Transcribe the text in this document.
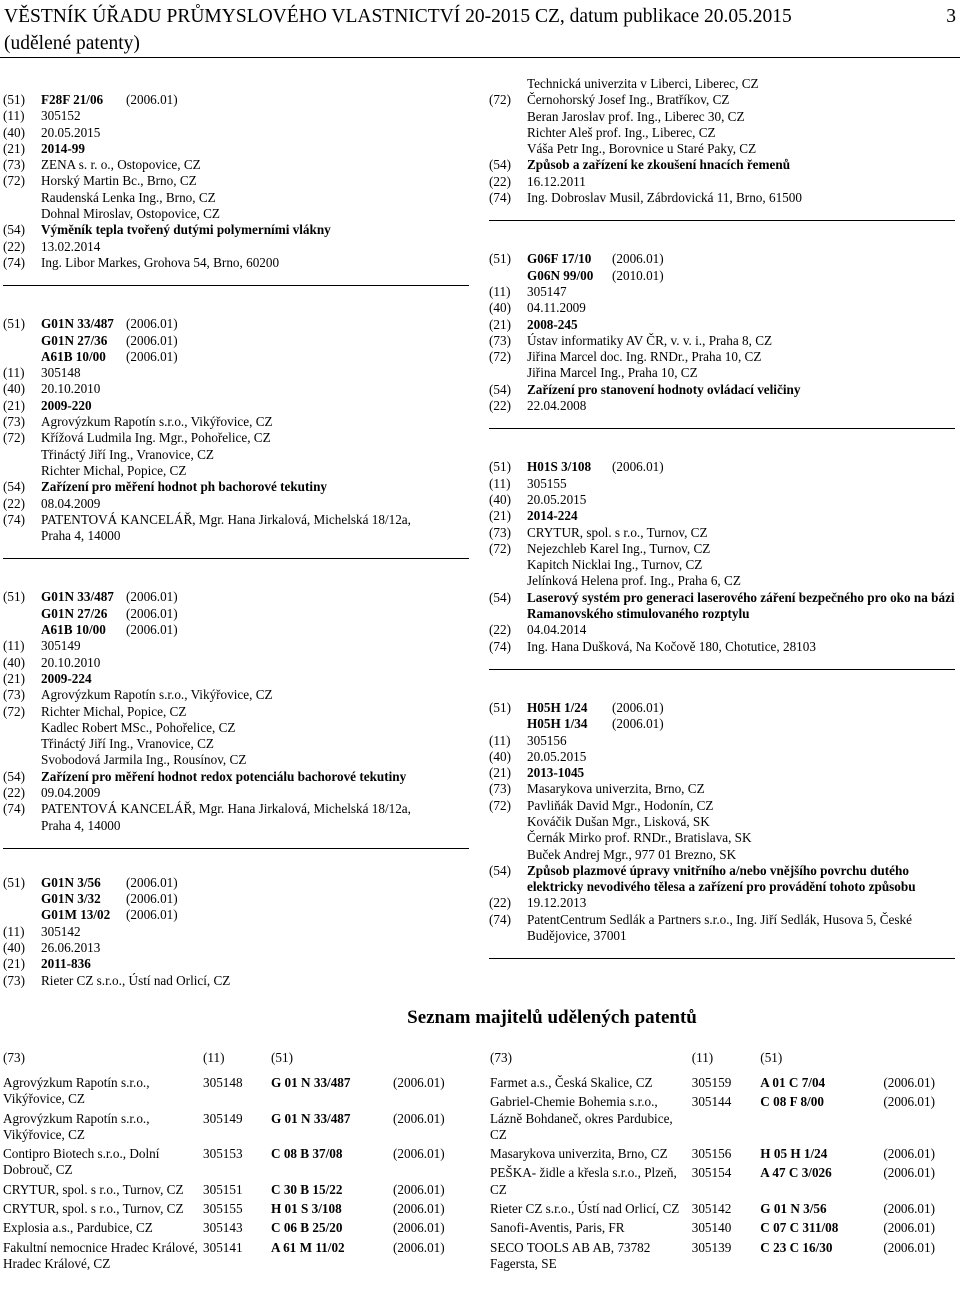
VĚSTNÍK ÚŘADU PRŮMYSLOVÉHO VLASTNICTVÍ 20-2015 CZ, datum publikace 20.05.2015
(udělené patenty)
3
(51)	F28F 21/06 (2006.01)
(11)	305152
(40)	20.05.2015
(21)	2014-99
(73)	ZENA s. r. o., Ostopovice, CZ
(72)	Horský Martin Bc., Brno, CZ
Raudenská Lenka Ing., Brno, CZ
Dohnal Miroslav, Ostopovice, CZ
(54)	Výměník tepla tvořený dutými polymerními vlákny
(22)	13.02.2014
(74)	Ing. Libor Markes, Grohova 54, Brno, 60200
(51)	G01N 33/487 (2006.01)
G01N 27/36 (2006.01)
A61B 10/00 (2006.01)
(11)	305148
(40)	20.10.2010
(21)	2009-220
(73)	Agrovýzkum Rapotín s.r.o., Vikýřovice, CZ
(72)	Křížová Ludmila Ing. Mgr., Pohořelice, CZ
Třináctý Jiří Ing., Vranovice, CZ
Richter Michal, Popice, CZ
(54)	Zařízení pro měření hodnot ph bachorové tekutiny
(22)	08.04.2009
(74)	PATENTOVÁ KANCELÁŘ, Mgr. Hana Jirkalová, Michelská 18/12a,
Praha 4, 14000
(51)	G01N 33/487 (2006.01)
G01N 27/26 (2006.01)
A61B 10/00 (2006.01)
(11)	305149
(40)	20.10.2010
(21)	2009-224
(73)	Agrovýzkum Rapotín s.r.o., Vikýřovice, CZ
(72)	Richter Michal, Popice, CZ
Kadlec Robert MSc., Pohořelice, CZ
Třináctý Jiří Ing., Vranovice, CZ
Svobodová Jarmila Ing., Rousínov, CZ
(54)	Zařízení pro měření hodnot redox potenciálu bachorové tekutiny
(22)	09.04.2009
(74)	PATENTOVÁ KANCELÁŘ, Mgr. Hana Jirkalová, Michelská 18/12a,
Praha 4, 14000
(51)	G01N 3/56 (2006.01)
G01N 3/32 (2006.01)
G01M 13/02 (2006.01)
(11)	305142
(40)	26.06.2013
(21)	2011-836
(73)	Rieter CZ s.r.o., Ústí nad Orlicí, CZ
Technická univerzita v Liberci, Liberec, CZ
(72)	Černohorský Josef Ing., Bratříkov, CZ
Beran Jaroslav prof. Ing., Liberec 30, CZ
Richter Aleš prof. Ing., Liberec, CZ
Váša Petr Ing., Borovnice u Staré Paky, CZ
(54)	Způsob a zařízení ke zkoušení hnacích řemenů
(22)	16.12.2011
(74)	Ing. Dobroslav Musil, Zábrdovická 11, Brno, 61500
(51)	G06F 17/10 (2006.01)
G06N 99/00 (2010.01)
(11)	305147
(40)	04.11.2009
(21)	2008-245
(73)	Ústav informatiky AV ČR, v. v. i., Praha 8, CZ
(72)	Jiřina Marcel doc. Ing. RNDr., Praha 10, CZ
Jiřina Marcel Ing., Praha 10, CZ
(54)	Zařízení pro stanovení hodnoty ovládací veličiny
(22)	22.04.2008
(51)	H01S 3/108 (2006.01)
(11)	305155
(40)	20.05.2015
(21)	2014-224
(73)	CRYTUR, spol. s r.o., Turnov, CZ
(72)	Nejezchleb Karel Ing., Turnov, CZ
Kapitch Nicklai Ing., Turnov, CZ
Jelínková Helena prof. Ing., Praha 6, CZ
(54)	Laserový systém pro generaci laserového záření bezpečného pro oko na bázi Ramanovského stimulovaného rozptylu
(22)	04.04.2014
(74)	Ing. Hana Dušková, Na Kočově 180, Chotutice, 28103
(51)	H05H 1/24 (2006.01)
H05H 1/34 (2006.01)
(11)	305156
(40)	20.05.2015
(21)	2013-1045
(73)	Masarykova univerzita, Brno, CZ
(72)	Pavliňák David Mgr., Hodonín, CZ
Kováčik Dušan Mgr., Lisková, SK
Černák Mirko prof. RNDr., Bratislava, SK
Buček Andrej Mgr., 977 01 Brezno, SK
(54)	Způsob plazmové úpravy vnitřního a/nebo vnějšího povrchu dutého elektricky nevodivého tělesa a zařízení pro provádění tohoto způsobu
(22)	19.12.2013
(74)	PatentCentrum Sedlák a Partners s.r.o., Ing. Jiří Sedlák, Husova 5, České Budějovice, 37001
Seznam majitelů udělených patentů
(73)	(11)	(51)	
Agrovýzkum Rapotín s.r.o., Vikýřovice, CZ	305148	G 01 N 33/487	(2006.01)
Agrovýzkum Rapotín s.r.o., Vikýřovice, CZ	305149	G 01 N 33/487	(2006.01)
Contipro Biotech s.r.o., Dolní Dobrouč, CZ	305153	C 08 B 37/08	(2006.01)
CRYTUR, spol. s r.o., Turnov, CZ	305151	C 30 B 15/22	(2006.01)
CRYTUR, spol. s r.o., Turnov, CZ	305155	H 01 S 3/108	(2006.01)
Explosia a.s., Pardubice, CZ	305143	C 06 B 25/20	(2006.01)
Fakultní nemocnice Hradec Králové, Hradec Králové, CZ	305141	A 61 M 11/02	(2006.01)
(73)	(11)	(51)	
Farmet a.s., Česká Skalice, CZ	305159	A 01 C 7/04	(2006.01)
Gabriel-Chemie Bohemia s.r.o., Lázně Bohdaneč, okres Pardubice, CZ	305144	C 08 F 8/00	(2006.01)
Masarykova univerzita, Brno, CZ	305156	H 05 H 1/24	(2006.01)
PEŠKA- židle a křesla s.r.o., Plzeň, CZ	305154	A 47 C 3/026	(2006.01)
Rieter CZ s.r.o., Ústí nad Orlicí, CZ	305142	G 01 N 3/56	(2006.01)
Sanofi-Aventis, Paris, FR	305140	C 07 C 311/08	(2006.01)
SECO TOOLS AB AB, 73782 Fagersta, SE	305139	C 23 C 16/30	(2006.01)
